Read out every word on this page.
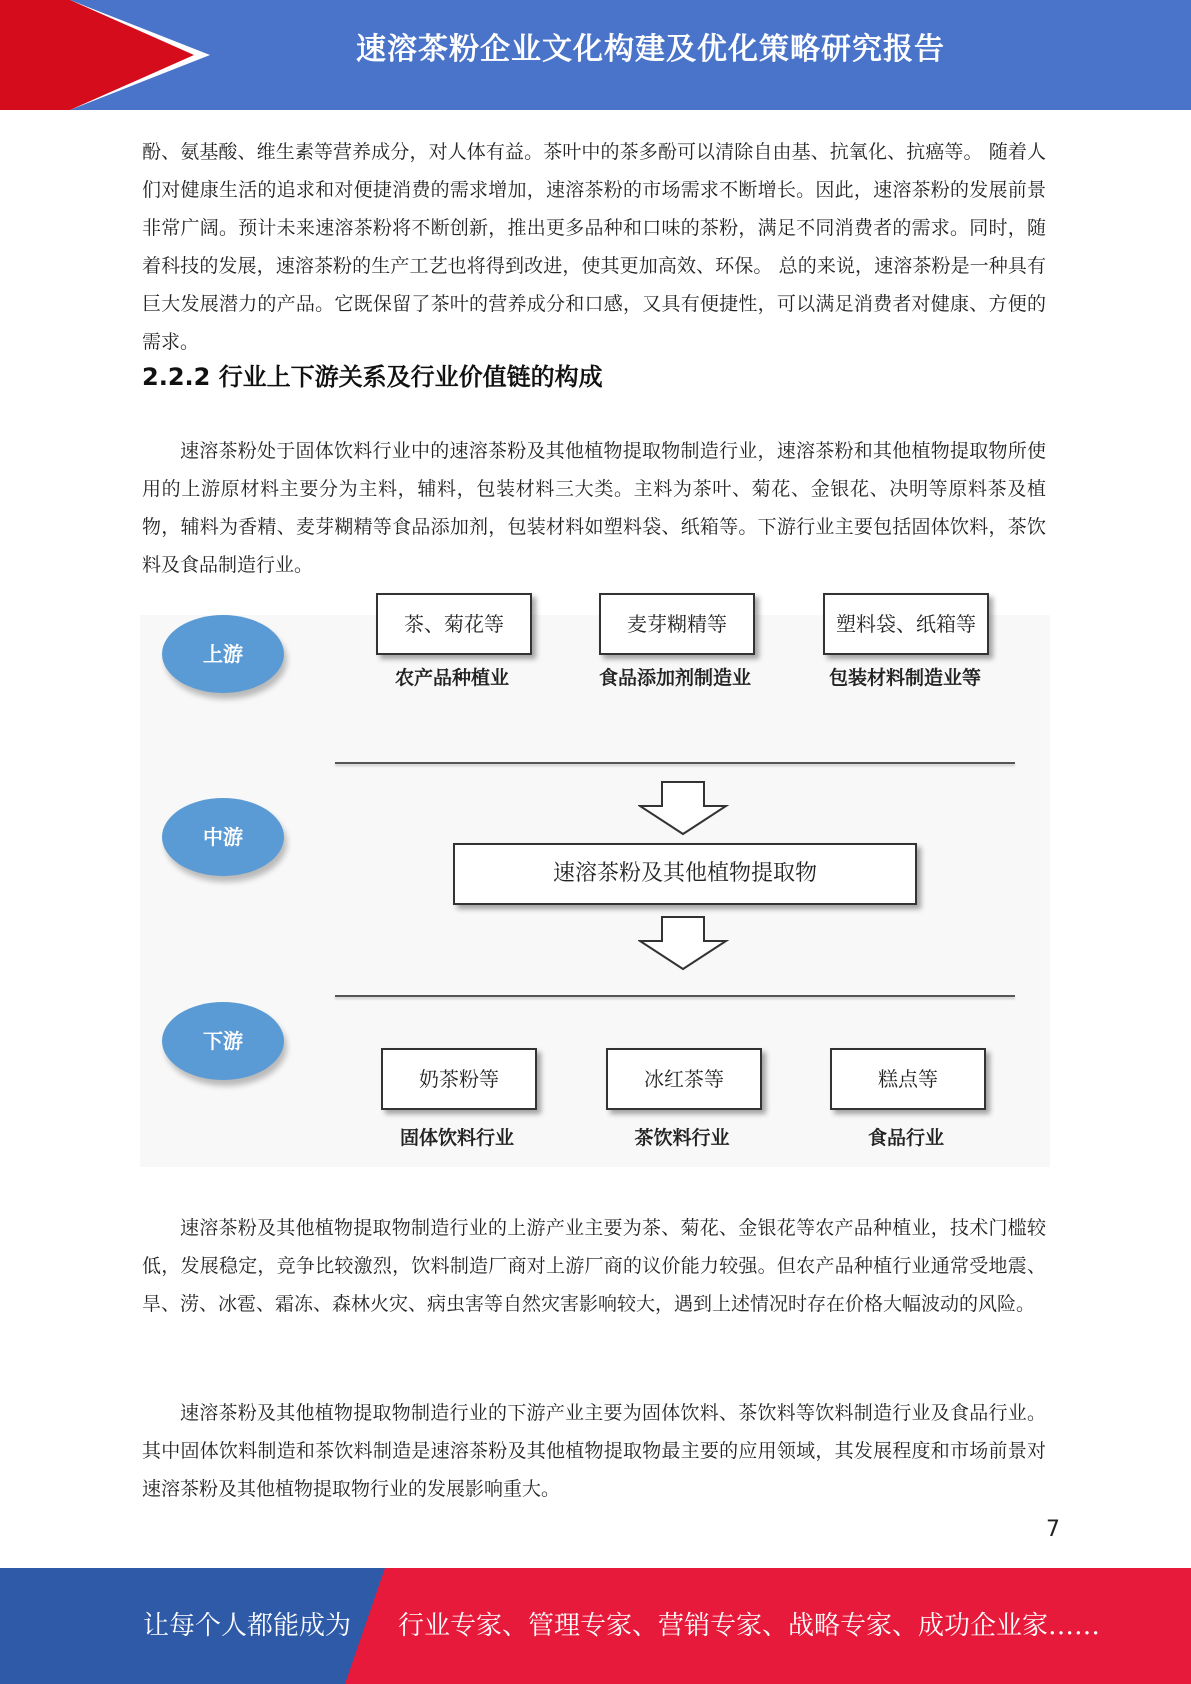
速溶茶粉企业文化构建及优化策略研究报告

酚、氨基酸、维生素等营养成分，对人体有益。茶叶中的茶多酚可以清除自由基、抗氧化、抗癌等。 随着人们对健康生活的追求和对便捷消费的需求增加，速溶茶粉的市场需求不断增长。因此，速溶茶粉的发展前景非常广阔。预计未来速溶茶粉将不断创新，推出更多品种和口味的茶粉，满足不同消费者的需求。同时，随着科技的发展，速溶茶粉的生产工艺也将得到改进，使其更加高效、环保。 总的来说，速溶茶粉是一种具有巨大发展潜力的产品。它既保留了茶叶的营养成分和口感，又具有便捷性，可以满足消费者对健康、方便的需求。

2.2.2 行业上下游关系及行业价值链的构成

速溶茶粉处于固体饮料行业中的速溶茶粉及其他植物提取物制造行业，速溶茶粉和其他植物提取物所使用的上游原材料主要分为主料，辅料，包装材料三大类。主料为茶叶、菊花、金银花、决明等原料茶及植物，辅料为香精、麦芽糊精等食品添加剂，包装材料如塑料袋、纸箱等。下游行业主要包括固体饮料，茶饮料及食品制造行业。

上游
茶、菊花等	麦芽糊精等	塑料袋、纸箱等
农产品种植业	食品添加剂制造业	包装材料制造业等
中游
速溶茶粉及其他植物提取物
下游
奶茶粉等	冰红茶等	糕点等
固体饮料行业	茶饮料行业	食品行业

速溶茶粉及其他植物提取物制造行业的上游产业主要为茶、菊花、金银花等农产品种植业，技术门槛较低，发展稳定，竞争比较激烈，饮料制造厂商对上游厂商的议价能力较强。但农产品种植行业通常受地震、旱、涝、冰雹、霜冻、森林火灾、病虫害等自然灾害影响较大，遇到上述情况时存在价格大幅波动的风险。

速溶茶粉及其他植物提取物制造行业的下游产业主要为固体饮料、茶饮料等饮料制造行业及食品行业。其中固体饮料制造和茶饮料制造是速溶茶粉及其他植物提取物最主要的应用领域，其发展程度和市场前景对速溶茶粉及其他植物提取物行业的发展影响重大。

7
让每个人都能成为 行业专家、管理专家、营销专家、战略专家、成功企业家……
